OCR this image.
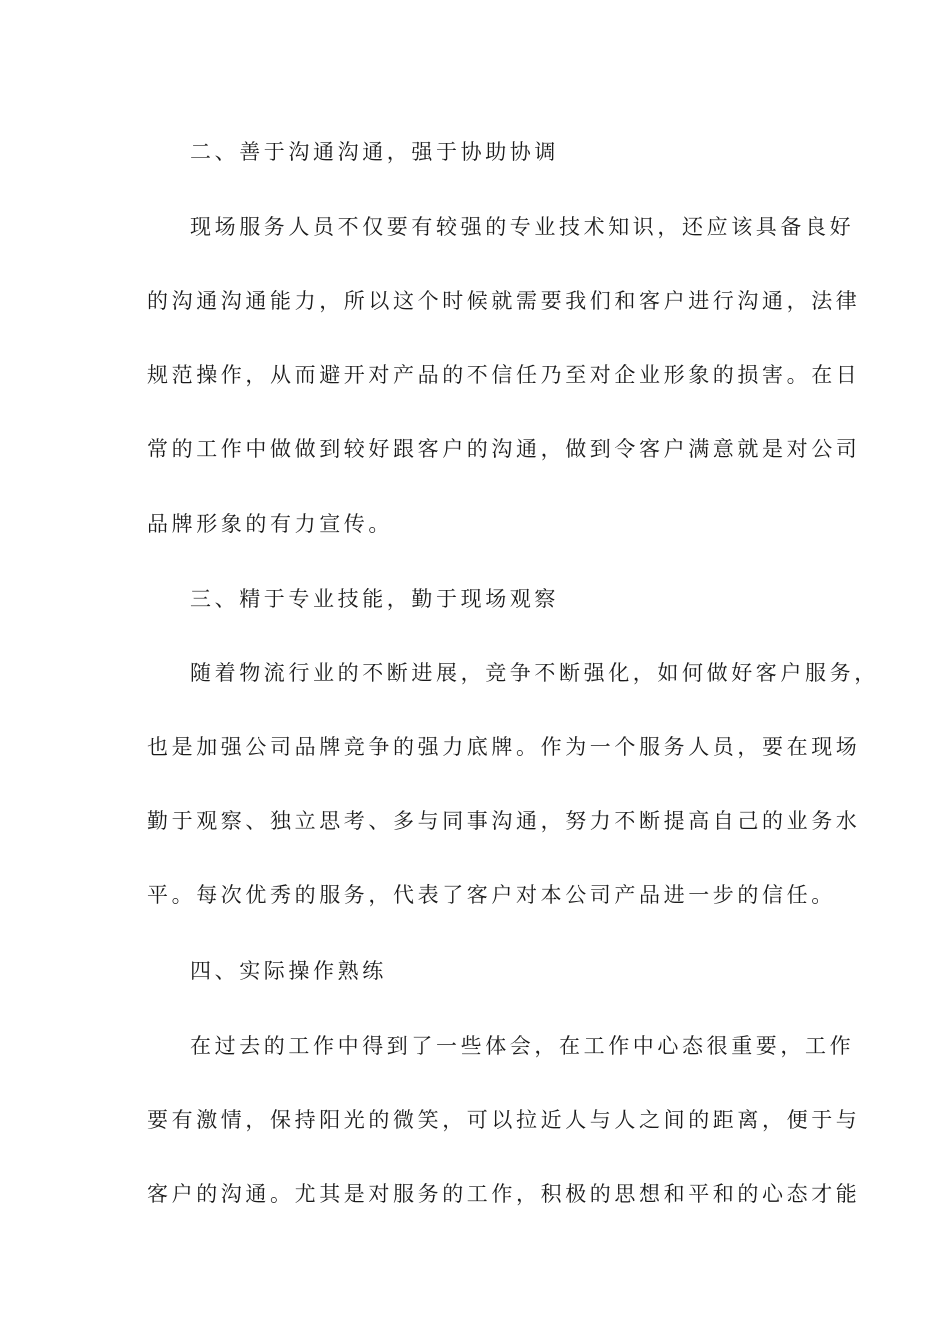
二、善于沟通沟通，强于协助协调
现场服务人员不仅要有较强的专业技术知识，还应该具备良好
的沟通沟通能力，所以这个时候就需要我们和客户进行沟通，法律
规范操作，从而避开对产品的不信任乃至对企业形象的损害。在日
常的工作中做做到较好跟客户的沟通，做到令客户满意就是对公司
品牌形象的有力宣传。
三、精于专业技能，勤于现场观察
随着物流行业的不断进展，竞争不断强化，如何做好客户服务，
也是加强公司品牌竞争的强力底牌。作为一个服务人员，要在现场
勤于观察、独立思考、多与同事沟通，努力不断提高自己的业务水
平。每次优秀的服务，代表了客户对本公司产品进一步的信任。
四、实际操作熟练
在过去的工作中得到了一些体会，在工作中心态很重要，工作
要有激情，保持阳光的微笑，可以拉近人与人之间的距离，便于与
客户的沟通。尤其是对服务的工作，积极的思想和平和的心态才能
